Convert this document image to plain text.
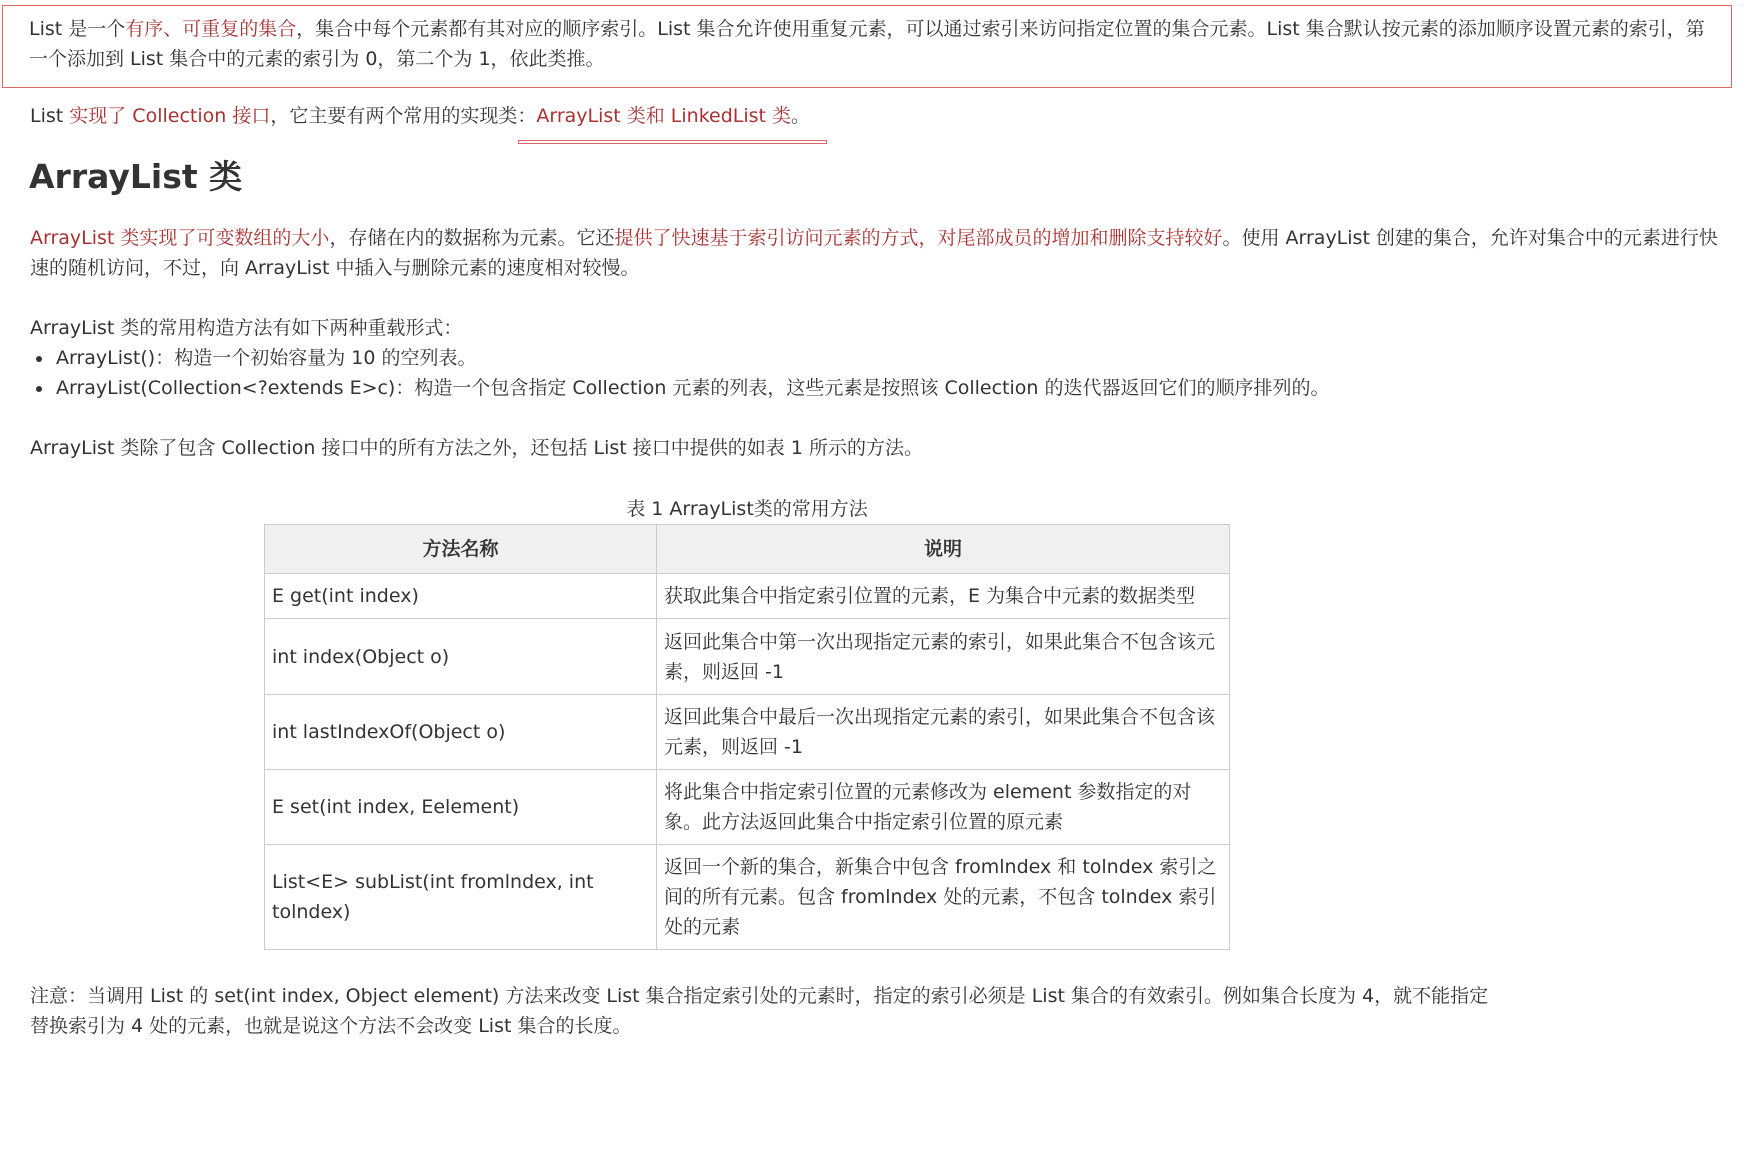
List 是一个有序、可重复的集合，集合中每个元素都有其对应的顺序索引。List 集合允许使用重复元素，可以通过索引来访问指定位置的集合元素。List 集合默认按元素的添加顺序设置元素的索引，第一个添加到 List 集合中的元素的索引为 0，第二个为 1，依此类推。
List 实现了 Collection 接口，它主要有两个常用的实现类：ArrayList 类和 LinkedList 类。
ArrayList 类
ArrayList 类实现了可变数组的大小，存储在内的数据称为元素。它还提供了快速基于索引访问元素的方式，对尾部成员的增加和删除支持较好。使用 ArrayList 创建的集合，允许对集合中的元素进行快速的随机访问，不过，向 ArrayList 中插入与删除元素的速度相对较慢。
ArrayList 类的常用构造方法有如下两种重载形式：
ArrayList()：构造一个初始容量为 10 的空列表。
ArrayList(Collection<?extends E>c)：构造一个包含指定 Collection 元素的列表，这些元素是按照该 Collection 的迭代器返回它们的顺序排列的。
ArrayList 类除了包含 Collection 接口中的所有方法之外，还包括 List 接口中提供的如表 1 所示的方法。
表 1 ArrayList类的常用方法
方法名称	说明
E get(int index)	获取此集合中指定索引位置的元素，E 为集合中元素的数据类型
int index(Object o)	返回此集合中第一次出现指定元素的索引，如果此集合不包含该元素，则返回 -1
int lastIndexOf(Object o)	返回此集合中最后一次出现指定元素的索引，如果此集合不包含该元素，则返回 -1
E set(int index, Eelement)	将此集合中指定索引位置的元素修改为 element 参数指定的对象。此方法返回此集合中指定索引位置的原元素
List<E> subList(int fromlndex, int tolndex)	返回一个新的集合，新集合中包含 fromlndex 和 tolndex 索引之间的所有元素。包含 fromlndex 处的元素，不包含 tolndex 索引处的元素
注意：当调用 List 的 set(int index, Object element) 方法来改变 List 集合指定索引处的元素时，指定的索引必须是 List 集合的有效索引。例如集合长度为 4，就不能指定替换索引为 4 处的元素，也就是说这个方法不会改变 List 集合的长度。
